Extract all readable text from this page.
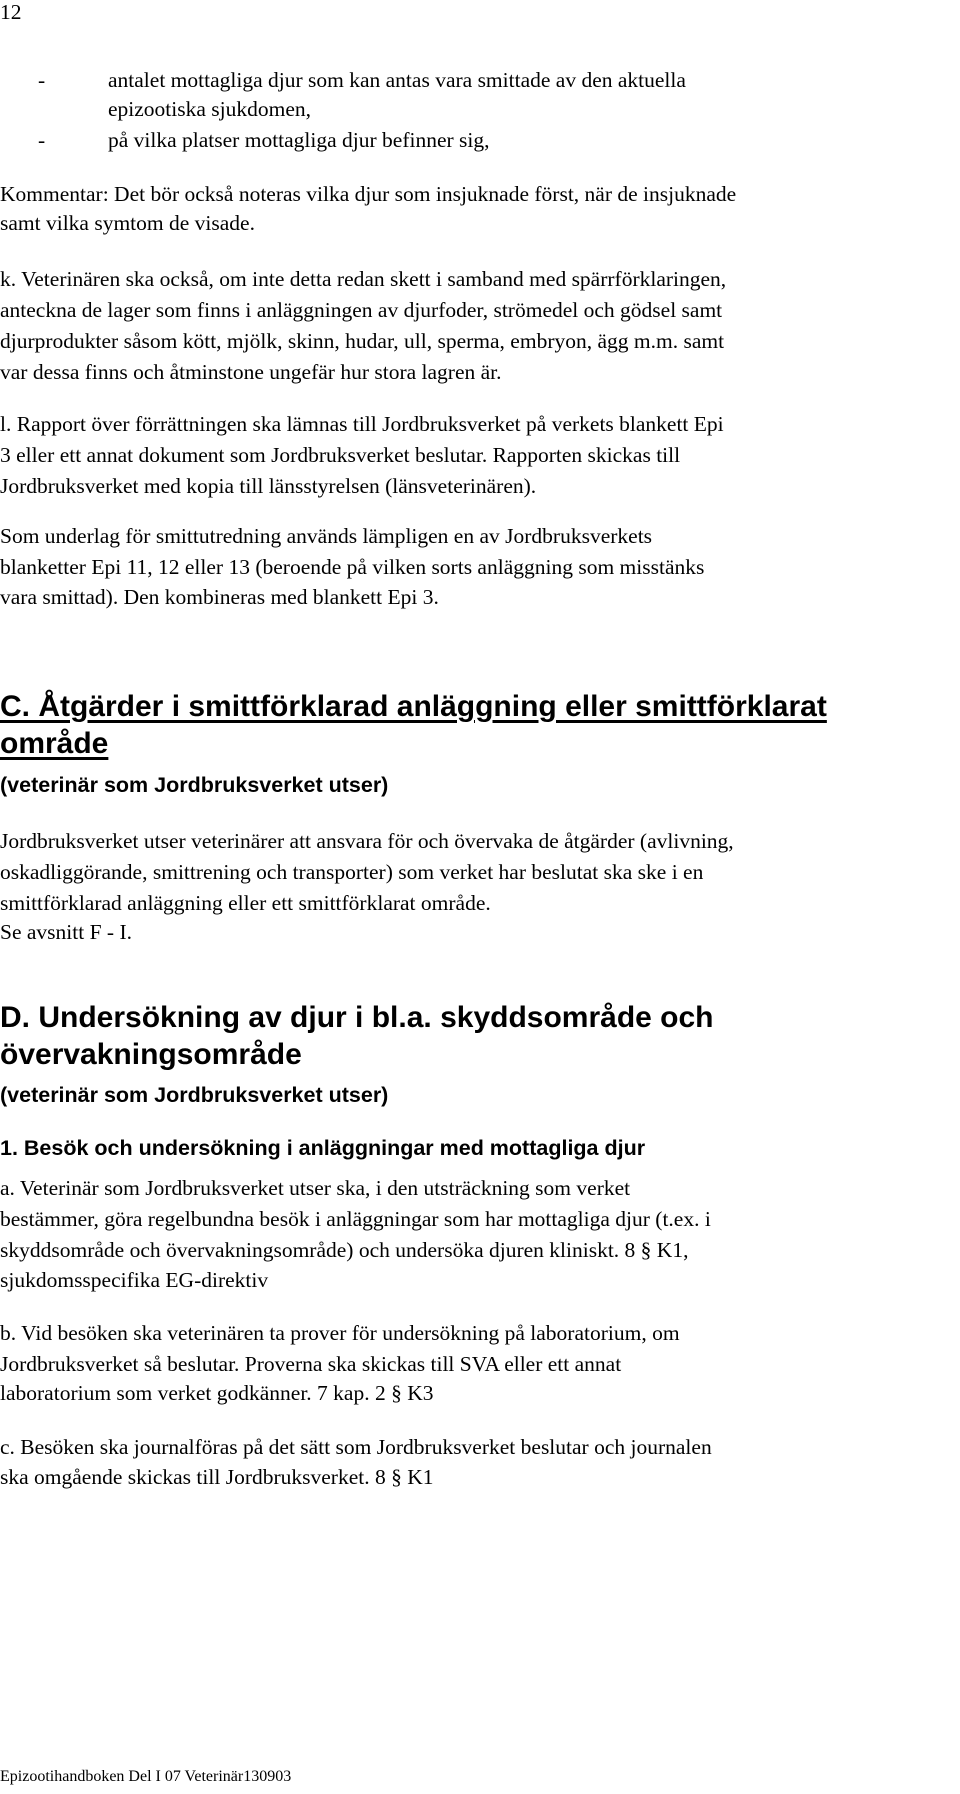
12
-	antalet mottagliga djur som kan antas vara smittade av den aktuella
epizootiska sjukdomen,
-	på vilka platser mottagliga djur befinner sig,
Kommentar: Det bör också noteras vilka djur som insjuknade först, när de insjuknade
samt vilka symtom de visade.
k. Veterinären ska också, om inte detta redan skett i samband med spärrförklaringen,
anteckna de lager som finns i anläggningen av djurfoder, strömedel och gödsel samt
djurprodukter såsom kött, mjölk, skinn, hudar, ull, sperma, embryon, ägg m.m. samt
var dessa finns och åtminstone ungefär hur stora lagren är.
l. Rapport över förrättningen ska lämnas till Jordbruksverket på verkets blankett Epi
3 eller ett annat dokument som Jordbruksverket beslutar. Rapporten skickas till
Jordbruksverket med kopia till länsstyrelsen (länsveterinären).
Som underlag för smittutredning används lämpligen en av Jordbruksverkets
blanketter Epi 11, 12 eller 13 (beroende på vilken sorts anläggning som misstänks
vara smittad). Den kombineras med blankett Epi 3.
C. Åtgärder i smittförklarad anläggning eller smittförklarat
område
(veterinär som Jordbruksverket utser)
Jordbruksverket utser veterinärer att ansvara för och övervaka de åtgärder (avlivning,
oskadliggörande, smittrening och transporter) som verket har beslutat ska ske i en
smittförklarad anläggning eller ett smittförklarat område.
Se avsnitt F - I.
D. Undersökning av djur i bl.a. skyddsområde och
övervakningsområde
(veterinär som Jordbruksverket utser)
1. Besök och undersökning i anläggningar med mottagliga djur
a. Veterinär som Jordbruksverket utser ska, i den utsträckning som verket
bestämmer, göra regelbundna besök i anläggningar som har mottagliga djur (t.ex. i
skyddsområde och övervakningsområde) och undersöka djuren kliniskt. 8 § K1,
sjukdomsspecifika EG-direktiv
b. Vid besöken ska veterinären ta prover för undersökning på laboratorium, om
Jordbruksverket så beslutar. Proverna ska skickas till SVA eller ett annat
laboratorium som verket godkänner. 7 kap. 2 § K3
c. Besöken ska journalföras på det sätt som Jordbruksverket beslutar och journalen
ska omgående skickas till Jordbruksverket. 8 § K1
Epizootihandboken Del I 07 Veterinär130903
